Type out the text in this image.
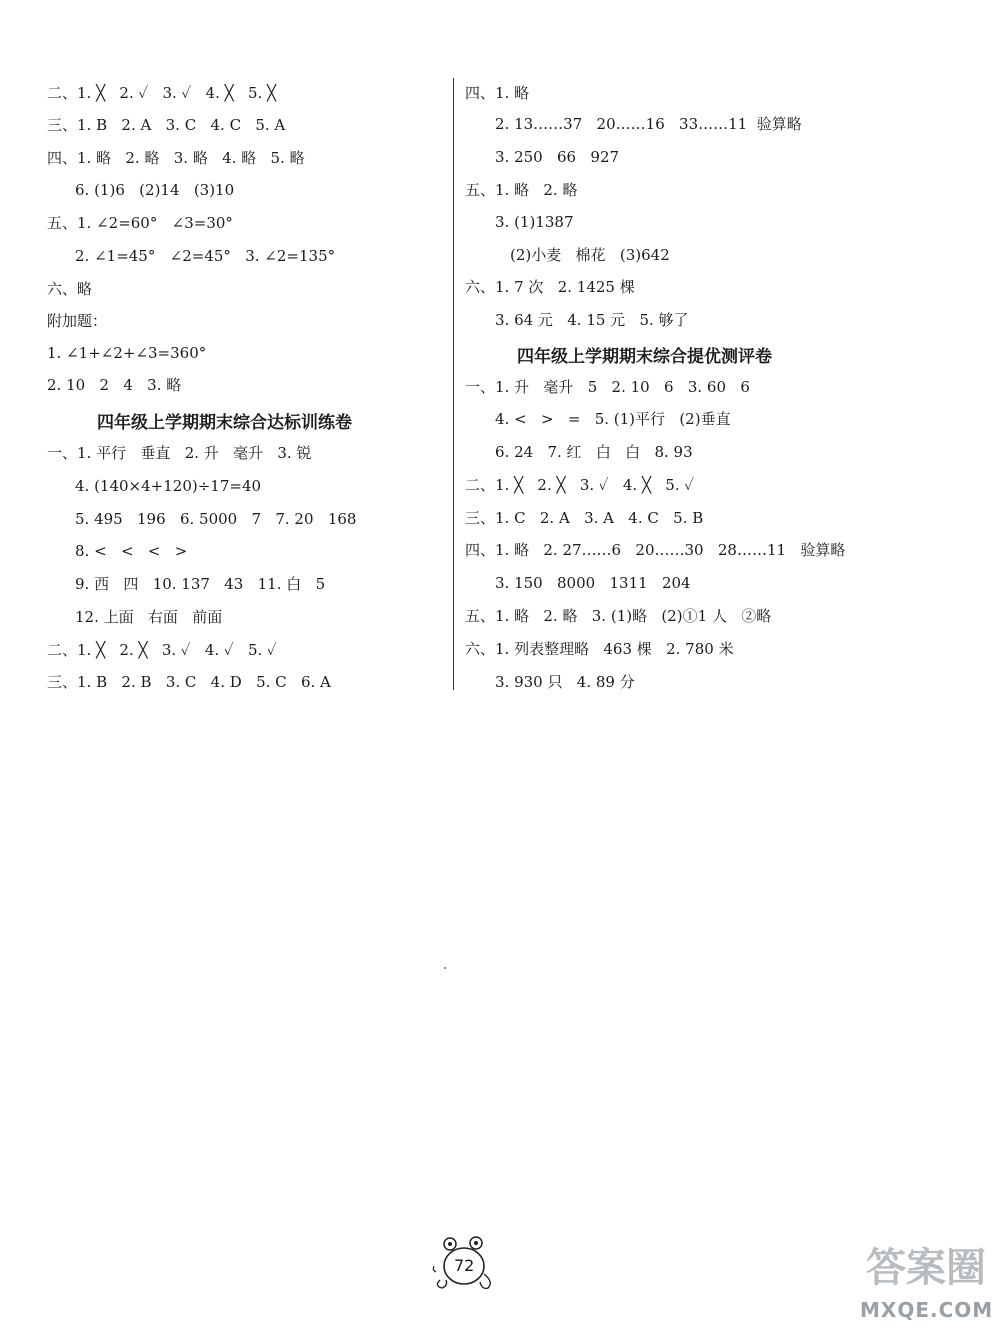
二、1. ╳   2. ✓   3. ✓   4. ╳   5. ╳
三、1. B   2. A   3. C   4. C   5. A
四、1. 略   2. 略   3. 略   4. 略   5. 略
6. (1)6   (2)14   (3)10
五、1. ∠2=60°   ∠3=30°
2. ∠1=45°   ∠2=45°   3. ∠2=135°
六、略
附加题：
1. ∠1+∠2+∠3=360°
2. 10   2   4   3. 略
四年级上学期期末综合达标训练卷
一、1. 平行   垂直   2. 升   毫升   3. 锐
4. (140×4+120)÷17=40
5. 495   196   6. 5000   7   7. 20   168
8. <   <   <   >
9. 西   四   10. 137   43   11. 白   5
12. 上面   右面   前面
二、1. ╳   2. ╳   3. ✓   4. ✓   5. ✓
三、1. B   2. B   3. C   4. D   5. C   6. A
四、1. 略
2. 13……37   20……16   33……11  验算略
3. 250   66   927
五、1. 略   2. 略
3. (1)1387
(2)小麦   棉花   (3)642
六、1. 7 次   2. 1425 棵
3. 64 元   4. 15 元   5. 够了
四年级上学期期末综合提优测评卷
一、1. 升   毫升   5   2. 10   6   3. 60   6
4. <   >   =   5. (1)平行   (2)垂直
6. 24   7. 红   白   白   8. 93
二、1. ╳   2. ╳   3. ✓   4. ╳   5. ✓
三、1. C   2. A   3. A   4. C   5. B
四、1. 略   2. 27……6   20……30   28……11   验算略
3. 150   8000   1311   204
五、1. 略   2. 略   3. (1)略   (2)①1 人   ②略
六、1. 列表整理略   463 棵   2. 780 米
3. 930 只   4. 89 分
72	答案圈
MXQE.COM
